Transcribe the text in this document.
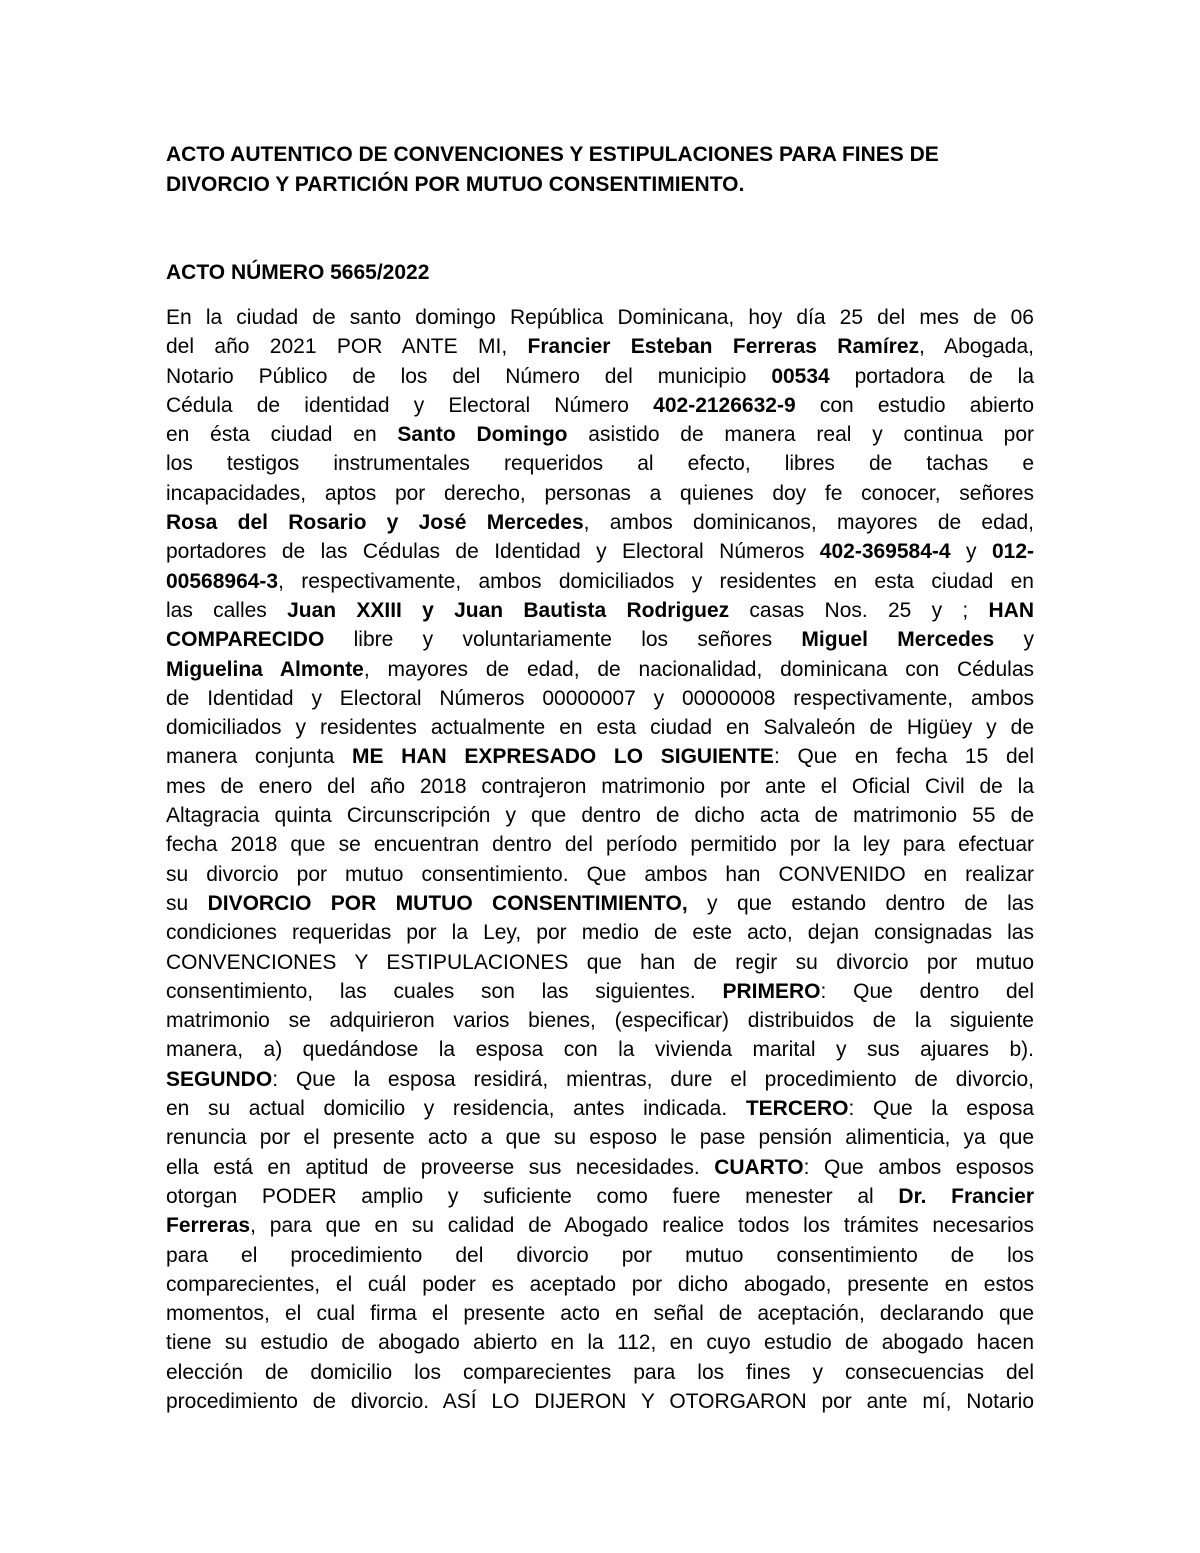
ACTO AUTENTICO DE CONVENCIONES Y ESTIPULACIONES PARA FINES DE
DIVORCIO Y PARTICIÓN POR MUTUO CONSENTIMIENTO.
ACTO NÚMERO 5665/2022
En la ciudad de santo domingo República Dominicana, hoy día 25 del mes de 06
del año 2021 POR ANTE MI, Francier Esteban Ferreras Ramírez, Abogada,
Notario Público de los del Número del municipio 00534 portadora de la
Cédula de identidad y Electoral Número 402-2126632-9 con estudio abierto
en ésta ciudad en Santo Domingo asistido de manera real y continua por
los testigos instrumentales requeridos al efecto, libres de tachas e
incapacidades, aptos por derecho, personas a quienes doy fe conocer, señores
Rosa del Rosario y José Mercedes, ambos dominicanos, mayores de edad,
portadores de las Cédulas de Identidad y Electoral Números 402-369584-4 y 012-
00568964-3, respectivamente, ambos domiciliados y residentes en esta ciudad en
las calles Juan XXIII y Juan Bautista Rodriguez casas Nos. 25 y ; HAN
COMPARECIDO libre y voluntariamente los señores Miguel Mercedes y
Miguelina Almonte, mayores de edad, de nacionalidad, dominicana con Cédulas
de Identidad y Electoral Números 00000007 y 00000008 respectivamente, ambos
domiciliados y residentes actualmente en esta ciudad en Salvaleón de Higüey y de
manera conjunta ME HAN EXPRESADO LO SIGUIENTE: Que en fecha 15 del
mes de enero del año 2018 contrajeron matrimonio por ante el Oficial Civil de la
Altagracia quinta Circunscripción y que dentro de dicho acta de matrimonio 55 de
fecha 2018 que se encuentran dentro del período permitido por la ley para efectuar
su divorcio por mutuo consentimiento. Que ambos han CONVENIDO en realizar
su DIVORCIO POR MUTUO CONSENTIMIENTO, y que estando dentro de las
condiciones requeridas por la Ley, por medio de este acto, dejan consignadas las
CONVENCIONES Y ESTIPULACIONES que han de regir su divorcio por mutuo
consentimiento, las cuales son las siguientes. PRIMERO: Que dentro del
matrimonio se adquirieron varios bienes, (especificar) distribuidos de la siguiente
manera, a) quedándose la esposa con la vivienda marital y sus ajuares b).
SEGUNDO: Que la esposa residirá, mientras, dure el procedimiento de divorcio,
en su actual domicilio y residencia, antes indicada. TERCERO: Que la esposa
renuncia por el presente acto a que su esposo le pase pensión alimenticia, ya que
ella está en aptitud de proveerse sus necesidades. CUARTO: Que ambos esposos
otorgan PODER amplio y suficiente como fuere menester al Dr. Francier
Ferreras, para que en su calidad de Abogado realice todos los trámites necesarios
para el procedimiento del divorcio por mutuo consentimiento de los
comparecientes, el cuál poder es aceptado por dicho abogado, presente en estos
momentos, el cual firma el presente acto en señal de aceptación, declarando que
tiene su estudio de abogado abierto en la 112, en cuyo estudio de abogado hacen
elección de domicilio los comparecientes para los fines y consecuencias del
procedimiento de divorcio. ASÍ LO DIJERON Y OTORGARON por ante mí, Notario
